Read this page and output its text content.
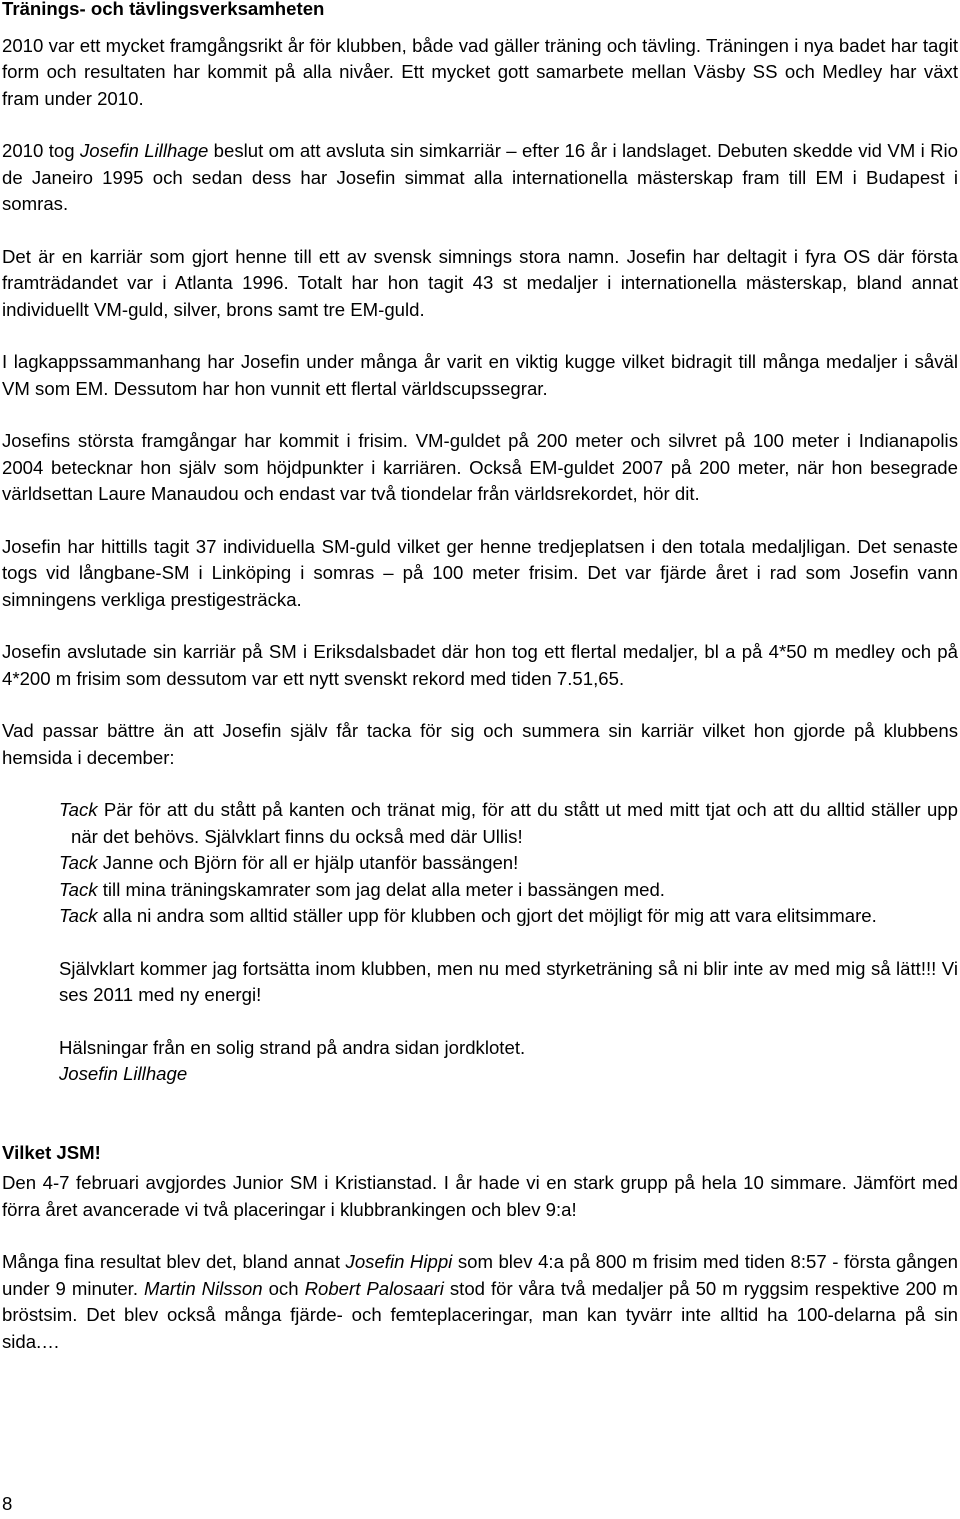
Tränings- och tävlingsverksamheten

2010 var ett mycket framgångsrikt år för klubben, både vad gäller träning och tävling. Träningen i nya badet har tagit form och resultaten har kommit på alla nivåer. Ett mycket gott samarbete mellan Väsby SS och Medley har växt fram under 2010.

2010 tog Josefin Lillhage beslut om att avsluta sin simkarriär – efter 16 år i landslaget. Debuten skedde vid VM i Rio de Janeiro 1995 och sedan dess har Josefin simmat alla internationella mästerskap fram till EM i Budapest i somras.

Det är en karriär som gjort henne till ett av svensk simnings stora namn. Josefin har deltagit i fyra OS där första framträdandet var i Atlanta 1996. Totalt har hon tagit 43 st medaljer i internationella mästerskap, bland annat individuellt VM-guld, silver, brons samt tre EM-guld.

I lagkappssammanhang har Josefin under många år varit en viktig kugge vilket bidragit till många medaljer i såväl VM som EM. Dessutom har hon vunnit ett flertal världscupssegrar.

Josefins största framgångar har kommit i frisim. VM-guldet på 200 meter och silvret på 100 meter i Indianapolis 2004 betecknar hon själv som höjdpunkter i karriären. Också EM-guldet 2007 på 200 meter, när hon besegrade världsettan Laure Manaudou och endast var två tiondelar från världsrekordet, hör dit.

Josefin har hittills tagit 37 individuella SM-guld vilket ger henne tredjeplatsen i den totala medaljligan. Det senaste togs vid långbane-SM i Linköping i somras – på 100 meter frisim. Det var fjärde året i rad som Josefin vann simningens verkliga prestigesträcka.

Josefin avslutade sin karriär på SM i Eriksdalsbadet där hon tog ett flertal medaljer, bl a på 4*50 m medley och på 4*200 m frisim som dessutom var ett nytt svenskt rekord med tiden 7.51,65.

Vad passar bättre än att Josefin själv får tacka för sig och summera sin karriär vilket hon gjorde på klubbens hemsida i december:

Tack Pär för att du stått på kanten och tränat mig, för att du stått ut med mitt tjat och att du alltid ställer upp när det behövs. Självklart finns du också med där Ullis!
Tack Janne och Björn för all er hjälp utanför bassängen!
Tack till mina träningskamrater som jag delat alla meter i bassängen med.
Tack alla ni andra som alltid ställer upp för klubben och gjort det möjligt för mig att vara elitsimmare.

Självklart kommer jag fortsätta inom klubben, men nu med styrketräning så ni blir inte av med mig så lätt!!! Vi ses 2011 med ny energi!

Hälsningar från en solig strand på andra sidan jordklotet.
Josefin Lillhage
Vilket JSM!

Den 4-7 februari avgjordes Junior SM i Kristianstad. I år hade vi en stark grupp på hela 10 simmare. Jämfört med förra året avancerade vi två placeringar i klubbrankingen och blev 9:a!

Många fina resultat blev det, bland annat Josefin Hippi som blev 4:a på 800 m frisim med tiden 8:57 - första gången under 9 minuter. Martin Nilsson och Robert Palosaari stod för våra två medaljer på 50 m ryggsim respektive 200 m bröstsim. Det blev också många fjärde- och femteplaceringar, man kan tyvärr inte alltid ha 100-delarna på sin sida.…

8
